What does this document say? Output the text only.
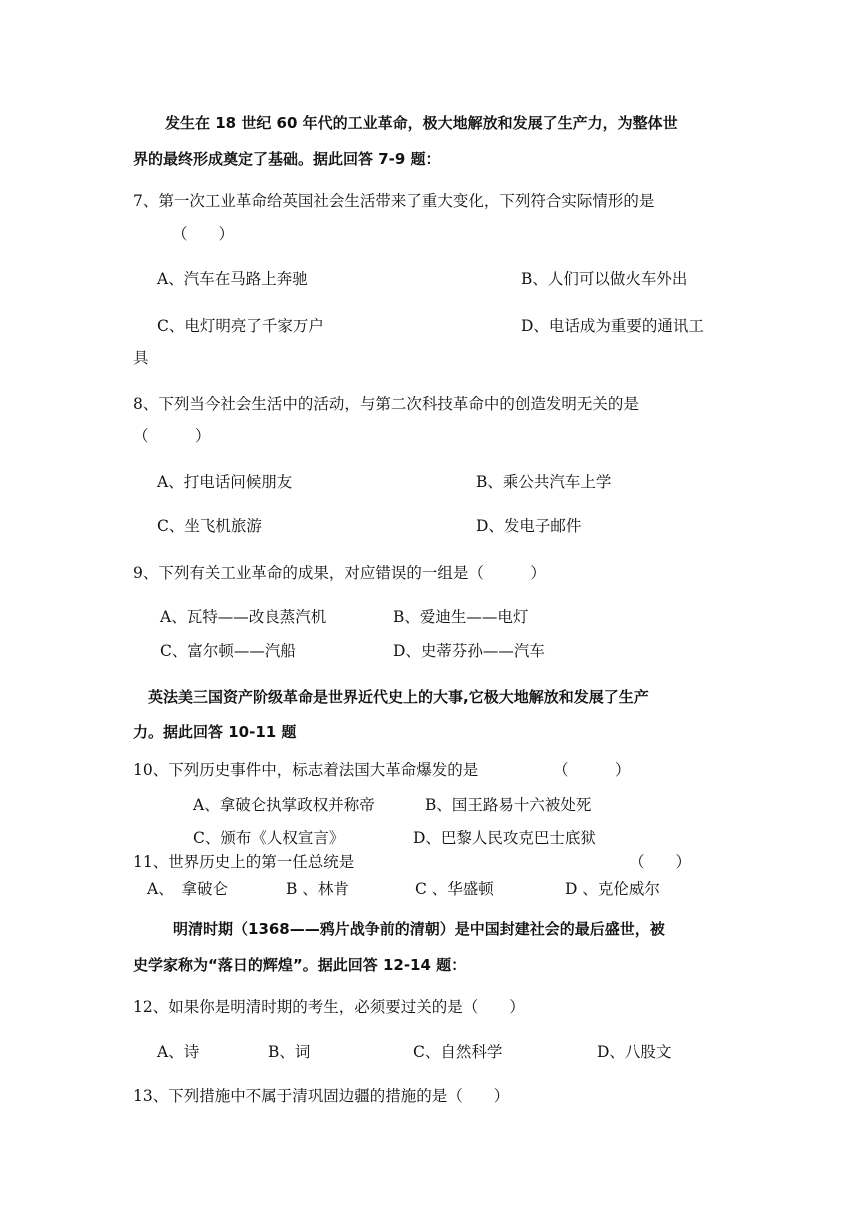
发生在 18 世纪 60 年代的工业革命，极大地解放和发展了生产力，为整体世
界的最终形成奠定了基础。据此回答 7-9 题：
7、第一次工业革命给英国社会生活带来了重大变化，下列符合实际情形的是
（　　）
A、汽车在马路上奔驰	B、人们可以做火车外出
C、电灯明亮了千家万户	D、电话成为重要的通讯工
具
8、下列当今社会生活中的活动，与第二次科技革命中的创造发明无关的是
（　　　）
A、打电话问候朋友	B、乘公共汽车上学
C、坐飞机旅游	D、发电子邮件
9、下列有关工业革命的成果，对应错误的一组是（　　　）
A、瓦特——改良蒸汽机	B、爱迪生——电灯
C、富尔顿——汽船	D、史蒂芬孙——汽车
英法美三国资产阶级革命是世界近代史上的大事,它极大地解放和发展了生产
力。据此回答 10-11 题
10、下列历史事件中，标志着法国大革命爆发的是	（　　　）
A、拿破仑执掌政权并称帝	B、国王路易十六被处死
C、颁布《人权宣言》	D、巴黎人民攻克巴士底狱
11、世界历史上的第一任总统是	（　　）
A、　拿破仑	B 、林肯	C 、华盛顿	D 、克伦威尔
明清时期（1368——鸦片战争前的清朝）是中国封建社会的最后盛世，被
史学家称为“落日的辉煌”。据此回答 12-14 题：
12、如果你是明清时期的考生，必须要过关的是（　　）
A、诗	B、词	C、自然科学	D、八股文
13、下列措施中不属于清巩固边疆的措施的是（　　）
